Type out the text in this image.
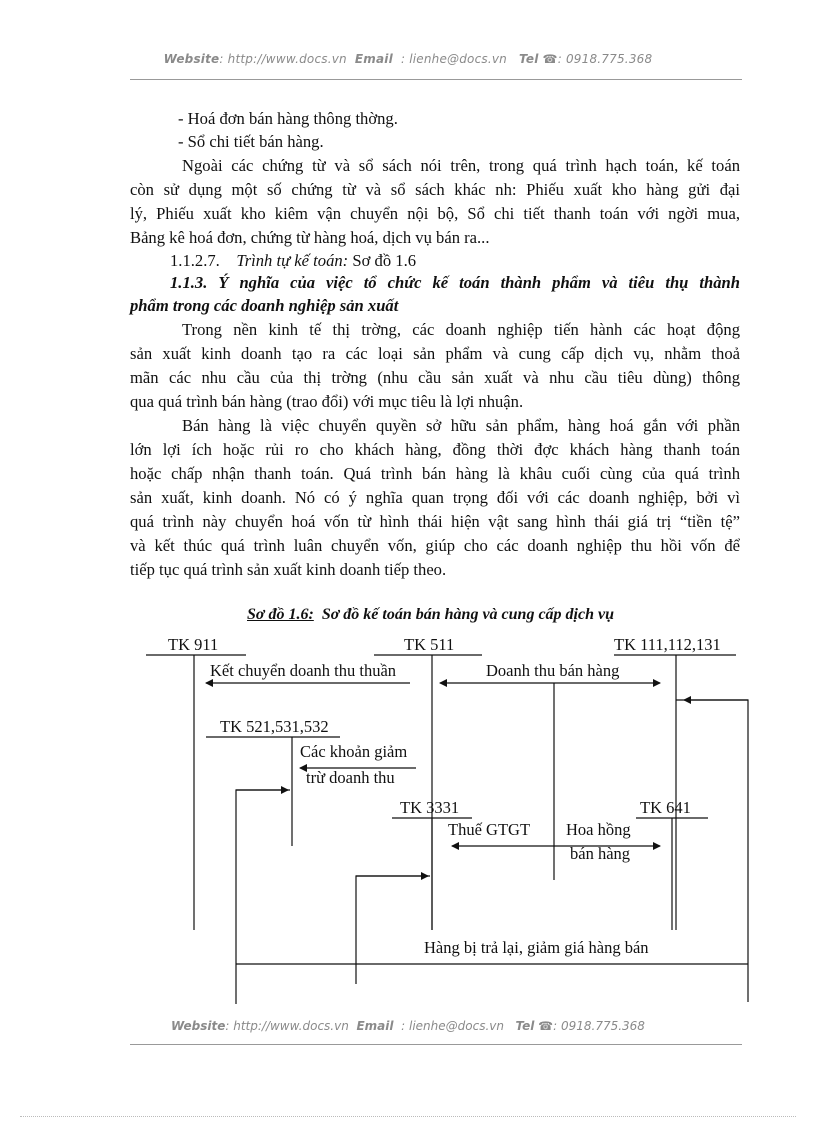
Website: http://www.docs.vn Email : lienhe@docs.vn Tel ☎: 0918.775.368
- Hoá đơn bán hàng thông thờng.
- Sổ chi tiết bán hàng.
Ngoài các chứng từ và sổ sách nói trên, trong quá trình hạch toán, kế toán
còn sử dụng một số chứng từ và sổ sách khác nh: Phiếu xuất kho hàng gửi đại
lý, Phiếu xuất kho kiêm vận chuyển nội bộ, Sổ chi tiết thanh toán với ngời mua,
Bảng kê hoá đơn, chứng từ hàng hoá, dịch vụ bán ra...
1.1.2.7. Trình tự kế toán: Sơ đồ 1.6
1.1.3. Ý nghĩa của việc tổ chức kế toán thành phẩm và tiêu thụ thành
phẩm trong các doanh nghiệp sản xuất
Trong nền kinh tế thị trờng, các doanh nghiệp tiến hành các hoạt động
sản xuất kinh doanh tạo ra các loại sản phẩm và cung cấp dịch vụ, nhằm thoả
mãn các nhu cầu của thị trờng (nhu cầu sản xuất và nhu cầu tiêu dùng) thông
qua quá trình bán hàng (trao đổi) với mục tiêu là lợi nhuận.
Bán hàng là việc chuyển quyền sở hữu sản phẩm, hàng hoá gắn với phần
lớn lợi ích hoặc rủi ro cho khách hàng, đồng thời đợc khách hàng thanh toán
hoặc chấp nhận thanh toán. Quá trình bán hàng là khâu cuối cùng của quá trình
sản xuất, kinh doanh. Nó có ý nghĩa quan trọng đối với các doanh nghiệp, bởi vì
quá trình này chuyển hoá vốn từ hình thái hiện vật sang hình thái giá trị “tiền tệ”
và kết thúc quá trình luân chuyển vốn, giúp cho các doanh nghiệp thu hồi vốn để
tiếp tục quá trình sản xuất kinh doanh tiếp theo.
Sơ đồ 1.6: Sơ đồ kế toán bán hàng và cung cấp dịch vụ
TK 911	TK 511	TK 111,112,131
Kết chuyển doanh thu thuần	Doanh thu bán hàng
TK 521,531,532
Các khoản giảm
trừ doanh thu
TK 3331	TK 641
Thuế GTGT Hoa hồng
bán hàng
Hàng bị trả lại, giảm giá hàng bán
Website: http://www.docs.vn Email : lienhe@docs.vn Tel ☎: 0918.775.368
